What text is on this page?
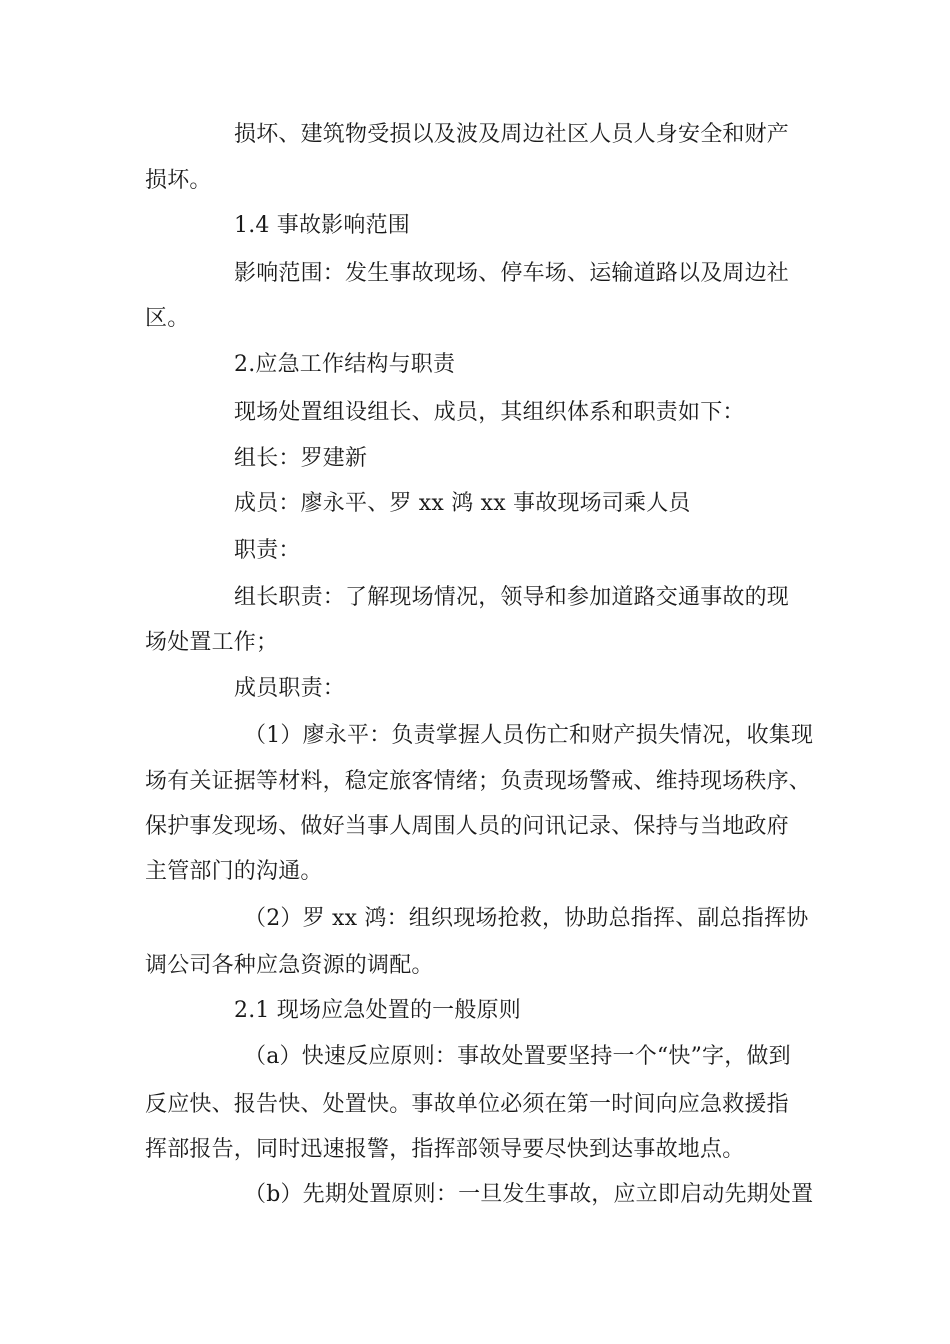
损坏、建筑物受损以及波及周边社区人员人身安全和财产
损坏。
1.4 事故影响范围
影响范围：发生事故现场、停车场、运输道路以及周边社
区。
2.应急工作结构与职责
现场处置组设组长、成员，其组织体系和职责如下：
组长：罗建新
成员：廖永平、罗 xx 鸿 xx 事故现场司乘人员
职责：
组长职责：了解现场情况，领导和参加道路交通事故的现
场处置工作；
成员职责：
（1）廖永平：负责掌握人员伤亡和财产损失情况，收集现
场有关证据等材料，稳定旅客情绪；负责现场警戒、维持现场秩序、
保护事发现场、做好当事人周围人员的问讯记录、保持与当地政府
主管部门的沟通。
（2）罗 xx 鸿：组织现场抢救，协助总指挥、副总指挥协
调公司各种应急资源的调配。
2.1 现场应急处置的一般原则
（a）快速反应原则：事故处置要坚持一个“快”字，做到
反应快、报告快、处置快。事故单位必须在第一时间向应急救援指
挥部报告，同时迅速报警，指挥部领导要尽快到达事故地点。
（b）先期处置原则：一旦发生事故，应立即启动先期处置
